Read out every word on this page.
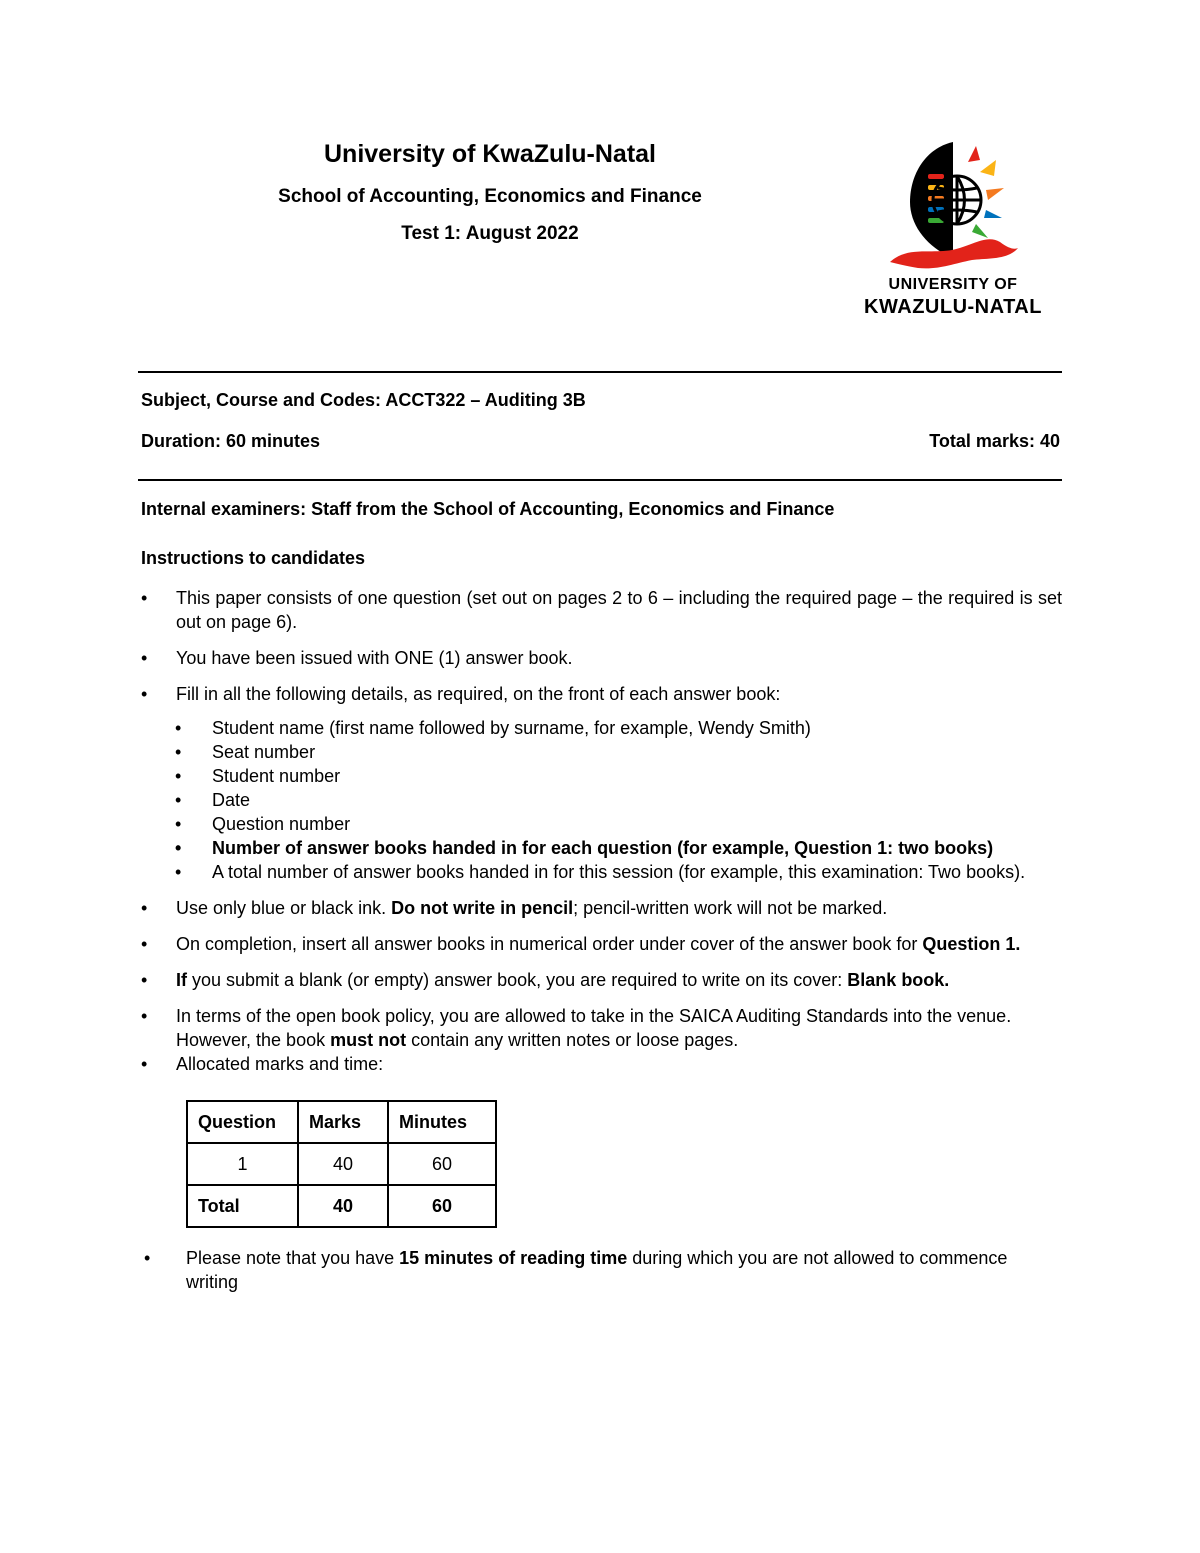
University of KwaZulu-Natal
School of Accounting, Economics and Finance
Test 1: August 2022
UNIVERSITY OF
KWAZULU-NATAL
Subject, Course and Codes: ACCT322 – Auditing 3B
Duration: 60 minutes	Total marks: 40
Internal examiners: Staff from the School of Accounting, Economics and Finance
Instructions to candidates
• This paper consists of one question (set out on pages 2 to 6 – including the required page – the required is set out on page 6).
• You have been issued with ONE (1) answer book.
• Fill in all the following details, as required, on the front of each answer book:
• Student name (first name followed by surname, for example, Wendy Smith)
• Seat number
• Student number
• Date
• Question number
• Number of answer books handed in for each question (for example, Question 1: two books)
• A total number of answer books handed in for this session (for example, this examination: Two books).
• Use only blue or black ink. Do not write in pencil; pencil-written work will not be marked.
• On completion, insert all answer books in numerical order under cover of the answer book for Question 1.
• If you submit a blank (or empty) answer book, you are required to write on its cover: Blank book.
• In terms of the open book policy, you are allowed to take in the SAICA Auditing Standards into the venue. However, the book must not contain any written notes or loose pages.
• Allocated marks and time:
Question	Marks	Minutes
1	40	60
Total	40	60
• Please note that you have 15 minutes of reading time during which you are not allowed to commence writing
